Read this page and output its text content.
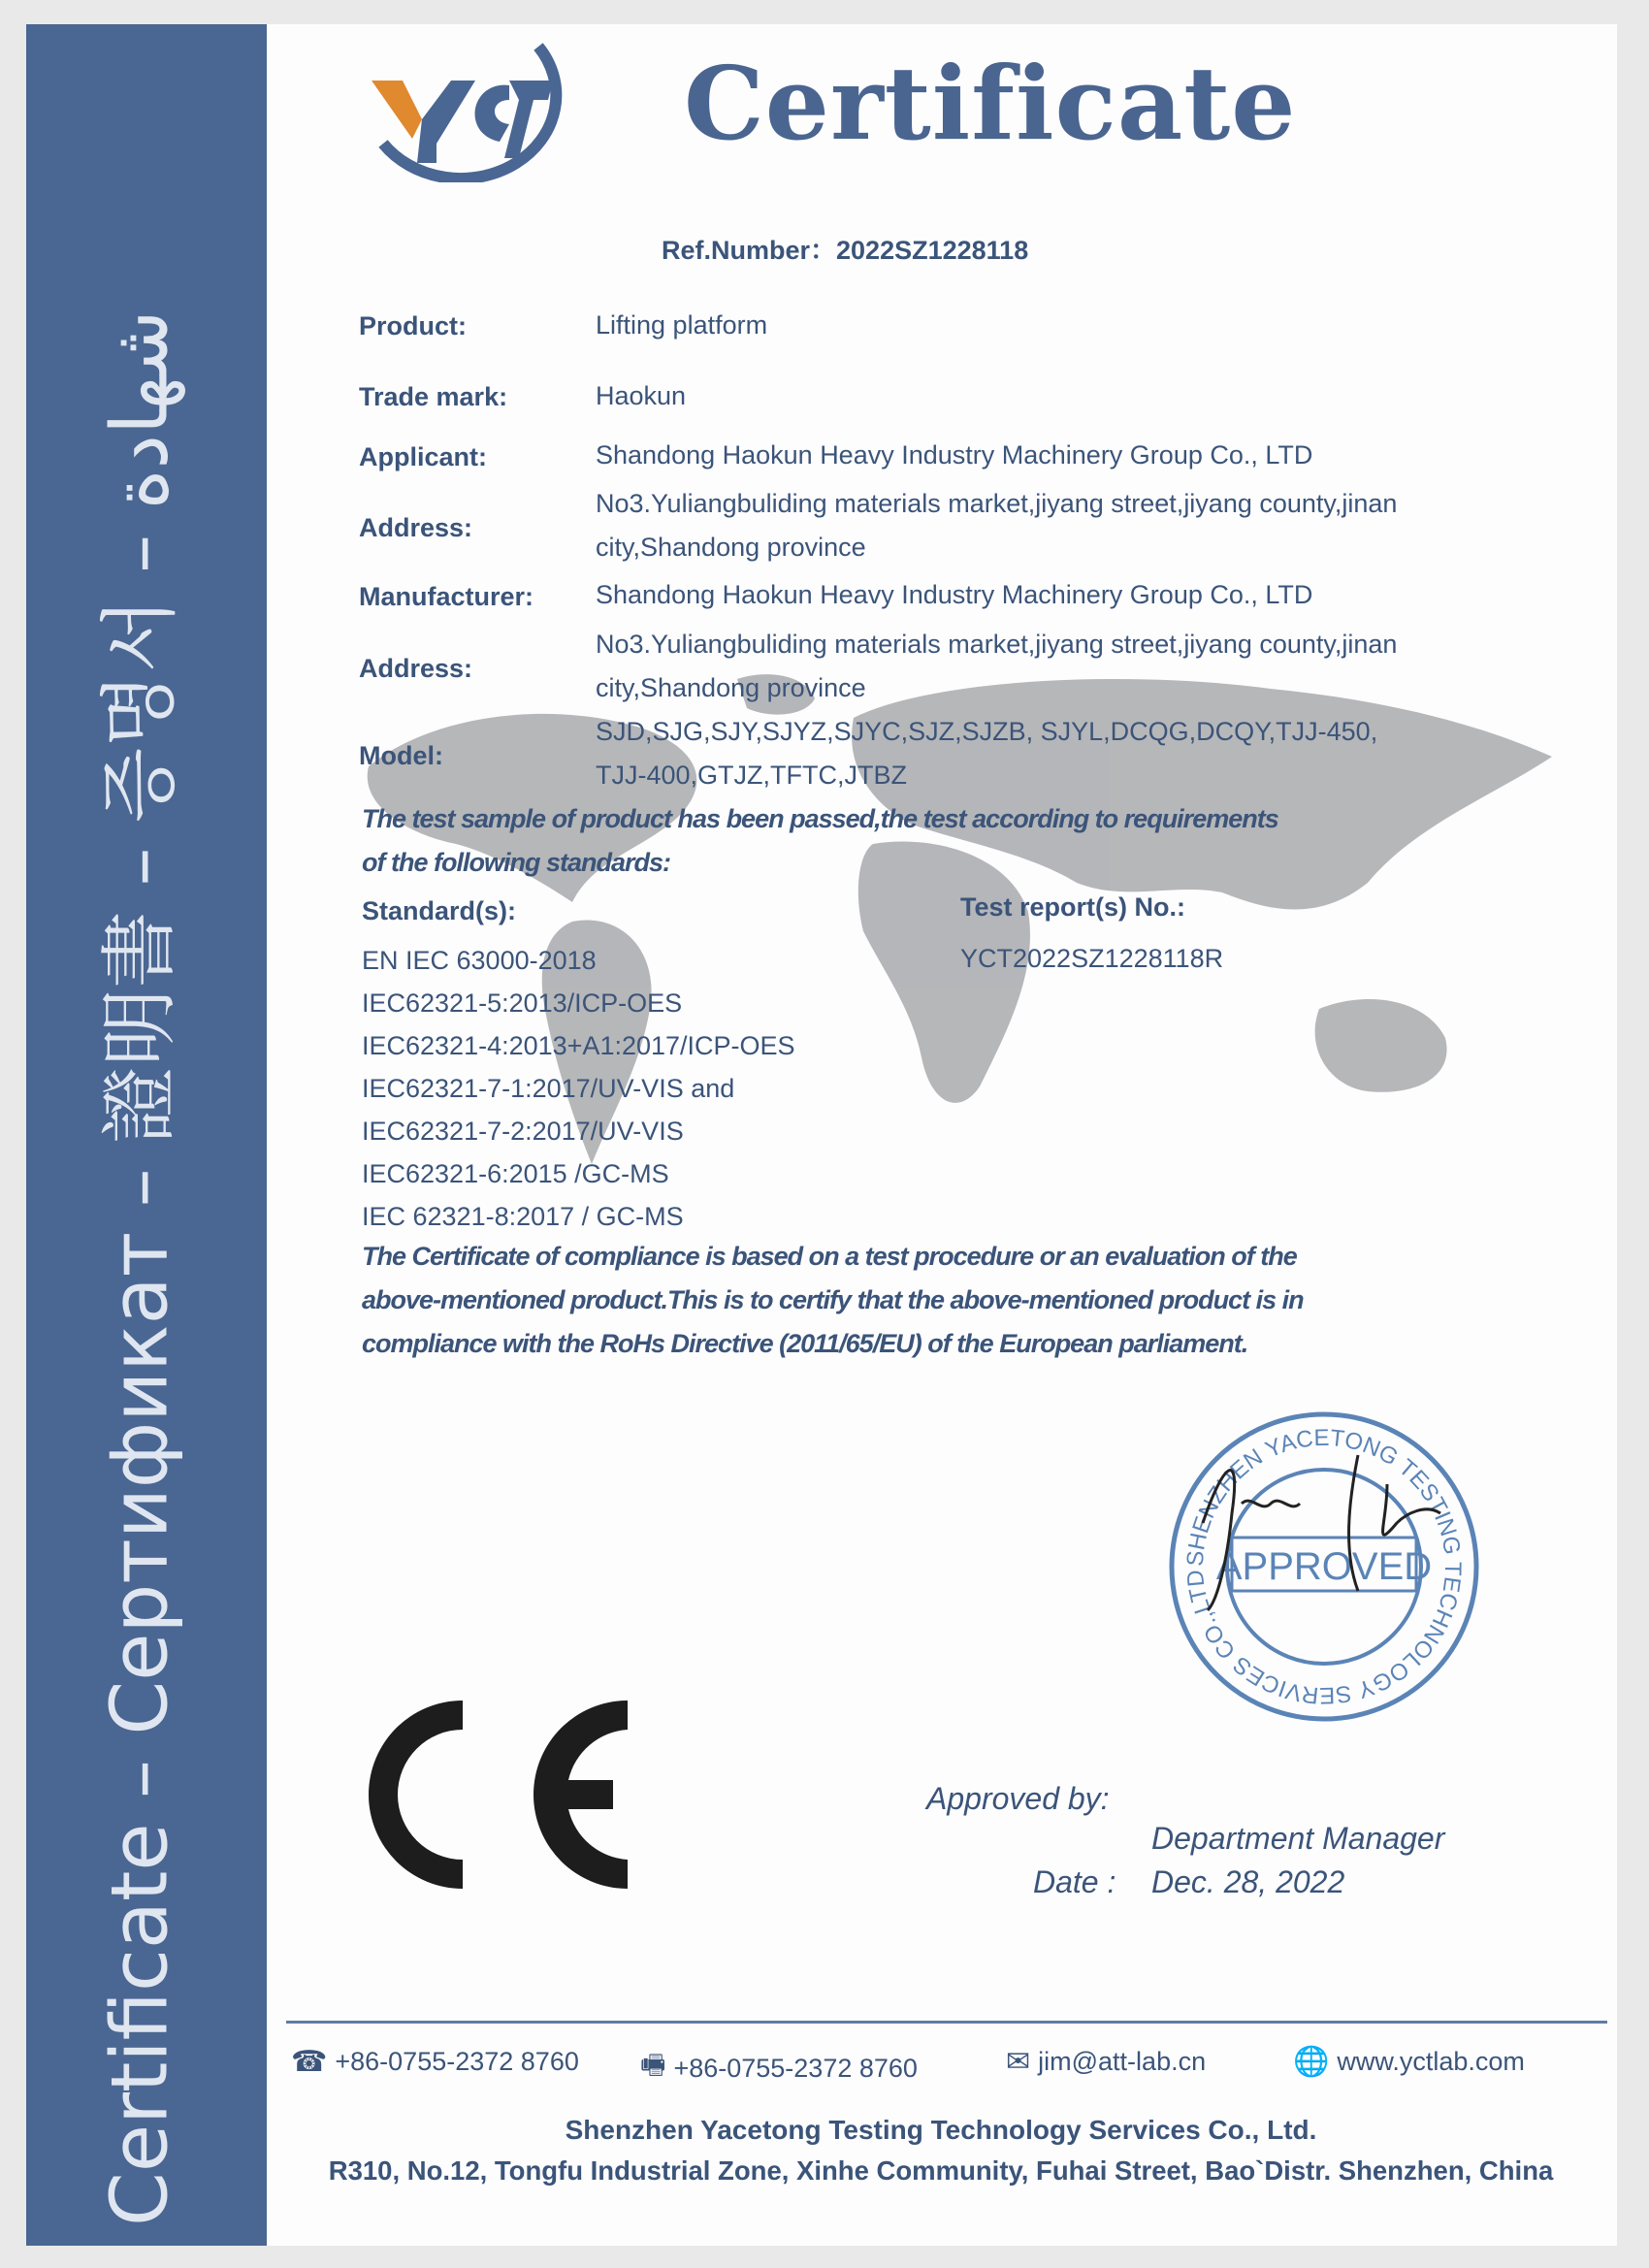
Certificate – Сертификат – 證明書 – 증명서 – شهادة
Certificate
Ref.Number：2022SZ1228118
Product:	Lifting platform
Trade mark:	Haokun
Applicant:	Shandong Haokun Heavy Industry Machinery Group Co., LTD
Address:
No3.Yuliangbuliding materials market,jiyang street,jiyang county,jinan
city,Shandong province
Manufacturer: Shandong Haokun Heavy Industry Machinery Group Co., LTD
Address:
No3.Yuliangbuliding materials market,jiyang street,jiyang county,jinan
city,Shandong province
Model:
SJD,SJG,SJY,SJYZ,SJYC,SJZ,SJZB, SJYL,DCQG,DCQY,TJJ-450,
TJJ-400,GTJZ,TFTC,JTBZ
The test sample of product has been passed,the test according to requirements
of the following standards:
Standard(s):	Test report(s) No.:
YCT2022SZ1228118R
EN IEC 63000-2018
IEC62321-5:2013/ICP-OES
IEC62321-4:2013+A1:2017/ICP-OES
IEC62321-7-1:2017/UV-VIS and
IEC62321-7-2:2017/UV-VIS
IEC62321-6:2015 /GC-MS
IEC 62321-8:2017 / GC-MS
The Certificate of compliance is based on a test procedure or an evaluation of the
above-mentioned product.This is to certify that the above-mentioned product is in
compliance with the RoHs Directive (2011/65/EU) of the European parliament.
Approved by:
SHENZHEN YACETONG TESTING TECHNOLOGY SERVICES CO.,LTD APPROVED
Department Manager
Date : Dec. 28, 2022
☎ +86-0755-2372 8760 🖷 +86-0755-2372 8760	✉ jim@att-lab.cn	🌐 www.yctlab.com
Shenzhen Yacetong Testing Technology Services Co., Ltd.
R310, No.12, Tongfu Industrial Zone, Xinhe Community, Fuhai Street, Bao`Distr. Shenzhen, China
